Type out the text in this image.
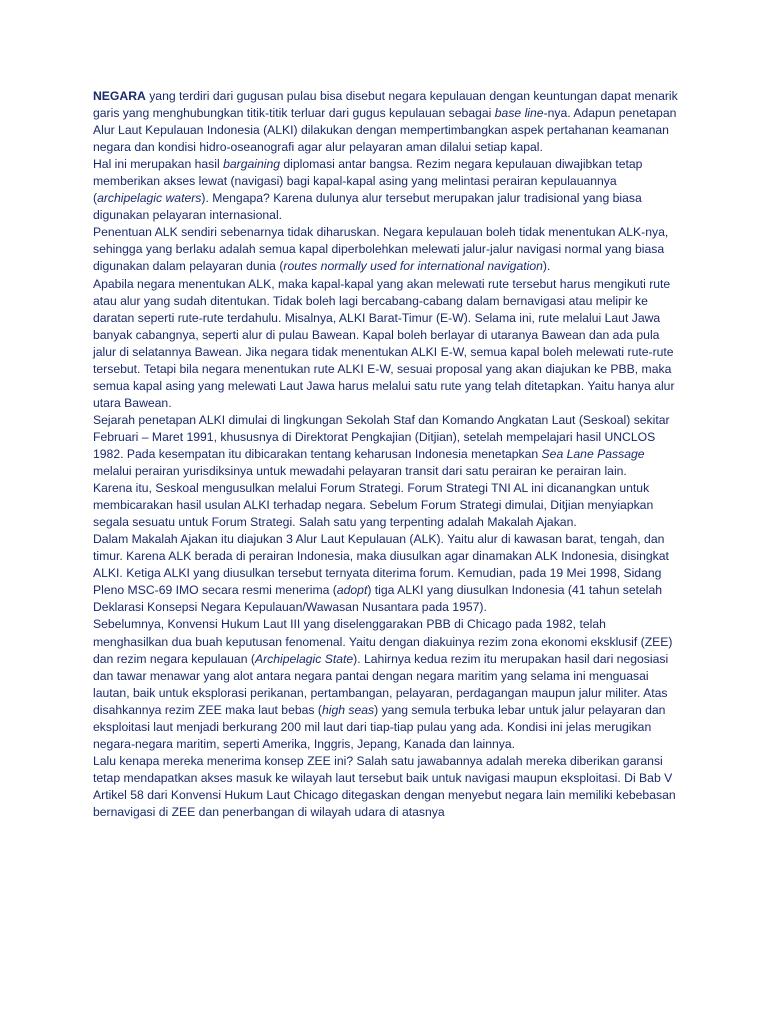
NEGARA yang terdiri dari gugusan pulau bisa disebut negara kepulauan dengan keuntungan dapat menarik garis yang menghubungkan titik-titik terluar dari gugus kepulauan sebagai base line-nya. Adapun penetapan Alur Laut Kepulauan Indonesia (ALKI) dilakukan dengan mempertimbangkan aspek pertahanan keamanan negara dan kondisi hidro-oseanografi agar alur pelayaran aman dilalui setiap kapal.

Hal ini merupakan hasil bargaining diplomasi antar bangsa. Rezim negara kepulauan diwajibkan tetap memberikan akses lewat (navigasi) bagi kapal-kapal asing yang melintasi perairan kepulauannya (archipelagic waters). Mengapa? Karena dulunya alur tersebut merupakan jalur tradisional yang biasa digunakan pelayaran internasional.

Penentuan ALK sendiri sebenarnya tidak diharuskan. Negara kepulauan boleh tidak menentukan ALK-nya, sehingga yang berlaku adalah semua kapal diperbolehkan melewati jalur-jalur navigasi normal yang biasa digunakan dalam pelayaran dunia (routes normally used for international navigation).

Apabila negara menentukan ALK, maka kapal-kapal yang akan melewati rute tersebut harus mengikuti rute atau alur yang sudah ditentukan. Tidak boleh lagi bercabang-cabang dalam bernavigasi atau melipir ke daratan seperti rute-rute terdahulu. Misalnya, ALKI Barat-Timur (E-W). Selama ini, rute melalui Laut Jawa banyak cabangnya, seperti alur di pulau Bawean. Kapal boleh berlayar di utaranya Bawean dan ada pula jalur di selatannya Bawean. Jika negara tidak menentukan ALKI E-W, semua kapal boleh melewati rute-rute tersebut. Tetapi bila negara menentukan rute ALKI E-W, sesuai proposal yang akan diajukan ke PBB, maka semua kapal asing yang melewati Laut Jawa harus melalui satu rute yang telah ditetapkan. Yaitu hanya alur utara Bawean.

Sejarah penetapan ALKI dimulai di lingkungan Sekolah Staf dan Komando Angkatan Laut (Seskoal) sekitar Februari – Maret 1991, khususnya di Direktorat Pengkajian (Ditjian), setelah mempelajari hasil UNCLOS 1982. Pada kesempatan itu dibicarakan tentang keharusan Indonesia menetapkan Sea Lane Passage melalui perairan yurisdiksinya untuk mewadahi pelayaran transit dari satu perairan ke perairan lain.

Karena itu, Seskoal mengusulkan melalui Forum Strategi. Forum Strategi TNI AL ini dicanangkan untuk membicarakan hasil usulan ALKI terhadap negara. Sebelum Forum Strategi dimulai, Ditjian menyiapkan segala sesuatu untuk Forum Strategi. Salah satu yang terpenting adalah Makalah Ajakan.

Dalam Makalah Ajakan itu diajukan 3 Alur Laut Kepulauan (ALK). Yaitu alur di kawasan barat, tengah, dan timur. Karena ALK berada di perairan Indonesia, maka diusulkan agar dinamakan ALK Indonesia, disingkat ALKI. Ketiga ALKI yang diusulkan tersebut ternyata diterima forum. Kemudian, pada 19 Mei 1998, Sidang Pleno MSC-69 IMO secara resmi menerima (adopt) tiga ALKI yang diusulkan Indonesia (41 tahun setelah Deklarasi Konsepsi Negara Kepulauan/Wawasan Nusantara pada 1957).

Sebelumnya, Konvensi Hukum Laut III yang diselenggarakan PBB di Chicago pada 1982, telah menghasilkan dua buah keputusan fenomenal. Yaitu dengan diakuinya rezim zona ekonomi eksklusif (ZEE) dan rezim negara kepulauan (Archipelagic State). Lahirnya kedua rezim itu merupakan hasil dari negosiasi dan tawar menawar yang alot antara negara pantai dengan negara maritim yang selama ini menguasai lautan, baik untuk eksplorasi perikanan, pertambangan, pelayaran, perdagangan maupun jalur militer. Atas disahkannya rezim ZEE maka laut bebas (high seas) yang semula terbuka lebar untuk jalur pelayaran dan eksploitasi laut menjadi berkurang 200 mil laut dari tiap-tiap pulau yang ada. Kondisi ini jelas merugikan negara-negara maritim, seperti Amerika, Inggris, Jepang, Kanada dan lainnya.

Lalu kenapa mereka menerima konsep ZEE ini? Salah satu jawabannya adalah mereka diberikan garansi tetap mendapatkan akses masuk ke wilayah laut tersebut baik untuk navigasi maupun eksploitasi. Di Bab V Artikel 58 dari Konvensi Hukum Laut Chicago ditegaskan dengan menyebut negara lain memiliki kebebasan bernavigasi di ZEE dan penerbangan di wilayah udara di atasnya
